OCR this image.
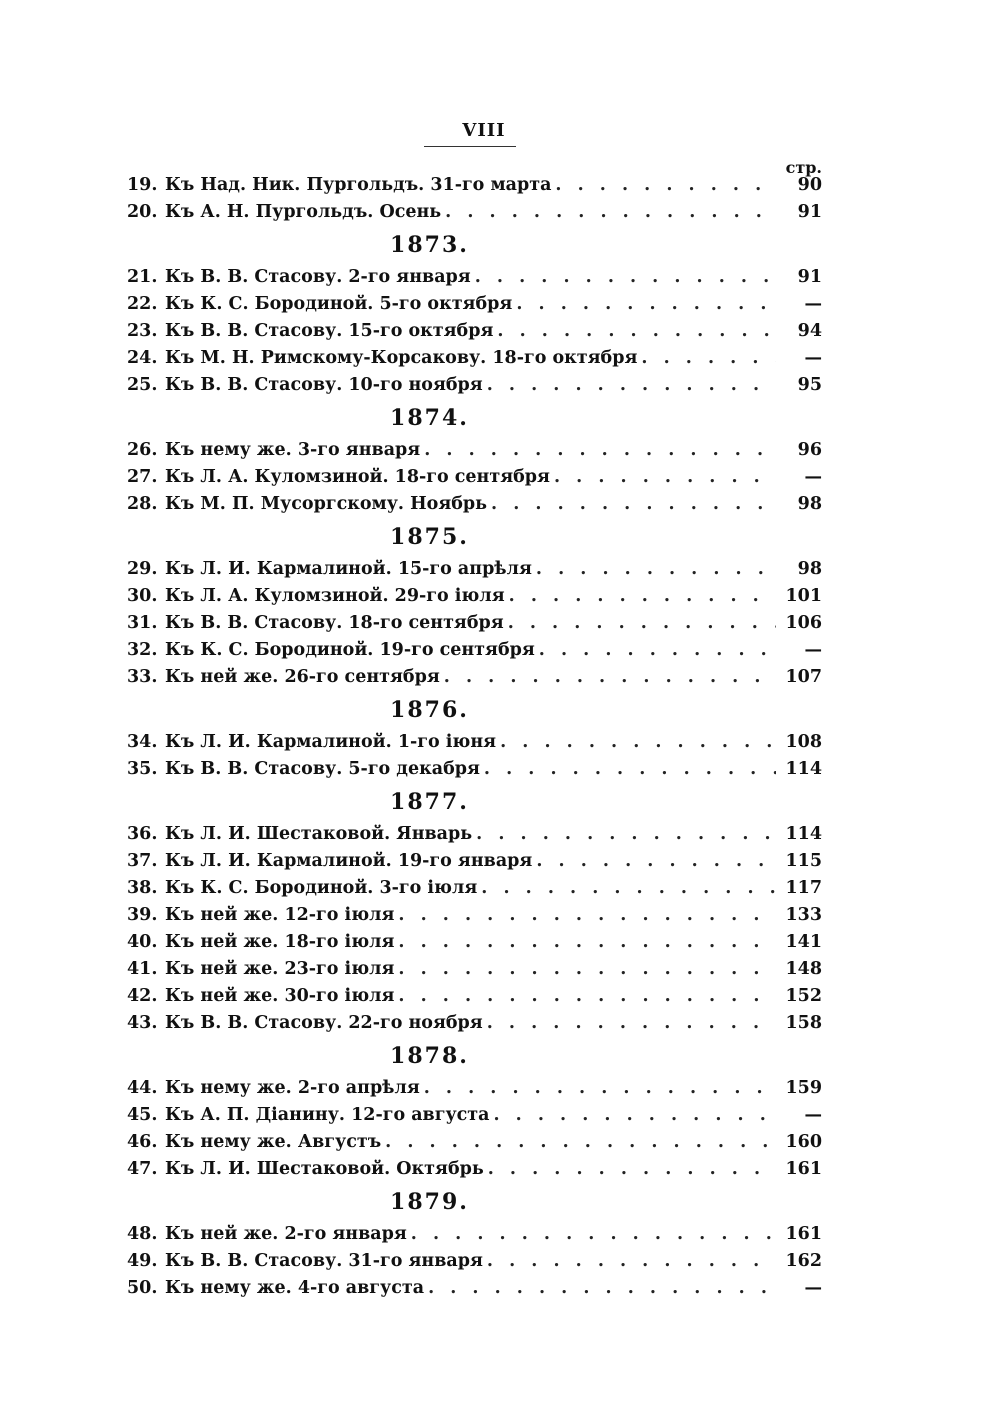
VIII
стр.
19. Къ Над. Ник. Пургольдъ. 31-го марта . . .	90
20. Къ А. Н. Пургольдъ. Осень . . .	91
1873.
21. Къ В. В. Стасову. 2-го января . . .	91
22. Къ К. С. Бородиной. 5-го октября . . .	—
23. Къ В. В. Стасову. 15-го октября . . .	94
24. Къ М. Н. Римскому-Корсакову. 18-го октября . . .	—
25. Къ В. В. Стасову. 10-го ноября . . .	95
1874.
26. Къ нему же. 3-го января . . .	96
27. Къ Л. А. Куломзиной. 18-го сентября . . .	—
28. Къ М. П. Мусоргскому. Ноябрь . . .	98
1875.
29. Къ Л. И. Кармалиной. 15-го апрѣля . . .	98
30. Къ Л. А. Куломзиной. 29-го іюля . . .	101
31. Къ В. В. Стасову. 18-го сентября . . .	106
32. Къ К. С. Бородиной. 19-го сентября . . .	—
33. Къ ней же. 26-го сентября . . .	107
1876.
34. Къ Л. И. Кармалиной. 1-го іюня . . .	108
35. Къ В. В. Стасову. 5-го декабря . . .	114
1877.
36. Къ Л. И. Шестаковой. Январь . . .	114
37. Къ Л. И. Кармалиной. 19-го января . . .	115
38. Къ К. С. Бородиной. 3-го іюля . . .	117
39. Къ ней же. 12-го іюля . . .	133
40. Къ ней же. 18-го іюля . . .	141
41. Къ ней же. 23-го іюля . . .	148
42. Къ ней же. 30-го іюля . . .	152
43. Къ В. В. Стасову. 22-го ноября . . .	158
1878.
44. Къ нему же. 2-го апрѣля . . .	159
45. Къ А. П. Діанину. 12-го августа . . .	—
46. Къ нему же. Августъ . . .	160
47. Къ Л. И. Шестаковой. Октябрь . . .	161
1879.
48. Къ ней же. 2-го января . . .	161
49. Къ В. В. Стасову. 31-го января . . .	162
50. Къ нему же. 4-го августа . . .	—
